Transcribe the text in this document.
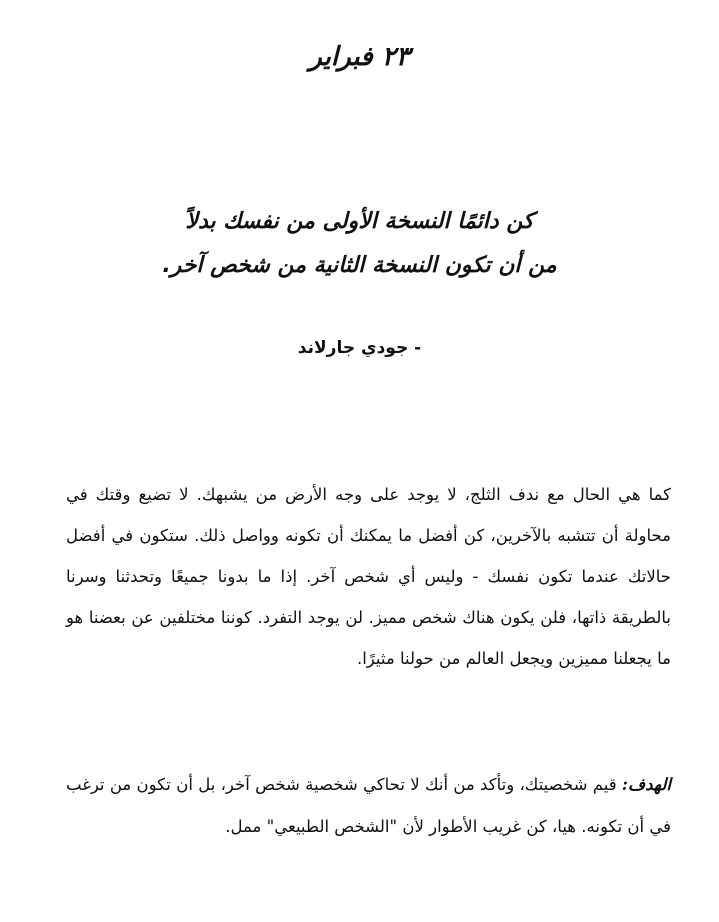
٢٣ فبراير
كن دائمًا النسخة الأولى من نفسك بدلاً
من أن تكون النسخة الثانية من شخص آخر.
- جودي جارلاند
كما هي الحال مع ندف الثلج، لا يوجد على وجه الأرض من يشبهك. لا تضيع وقتك في محاولة أن تتشبه بالآخرين، كن أفضل ما يمكنك أن تكونه وواصل ذلك. ستكون في أفضل حالاتك عندما تكون نفسك - وليس أي شخص آخر. إذا ما بدونا جميعًا وتحدثنا وسرنا بالطريقة ذاتها، فلن يكون هناك شخص مميز. لن يوجد التفرد. كوننا مختلفين عن بعضنا هو ما يجعلنا مميزين ويجعل العالم من حولنا مثيرًا.
الهدف: قيم شخصيتك، وتأكد من أنك لا تحاكي شخصية شخص آخر، بل أن تكون من ترغب في أن تكونه. هيا، كن غريب الأطوار لأن "الشخص الطبيعي" ممل.
